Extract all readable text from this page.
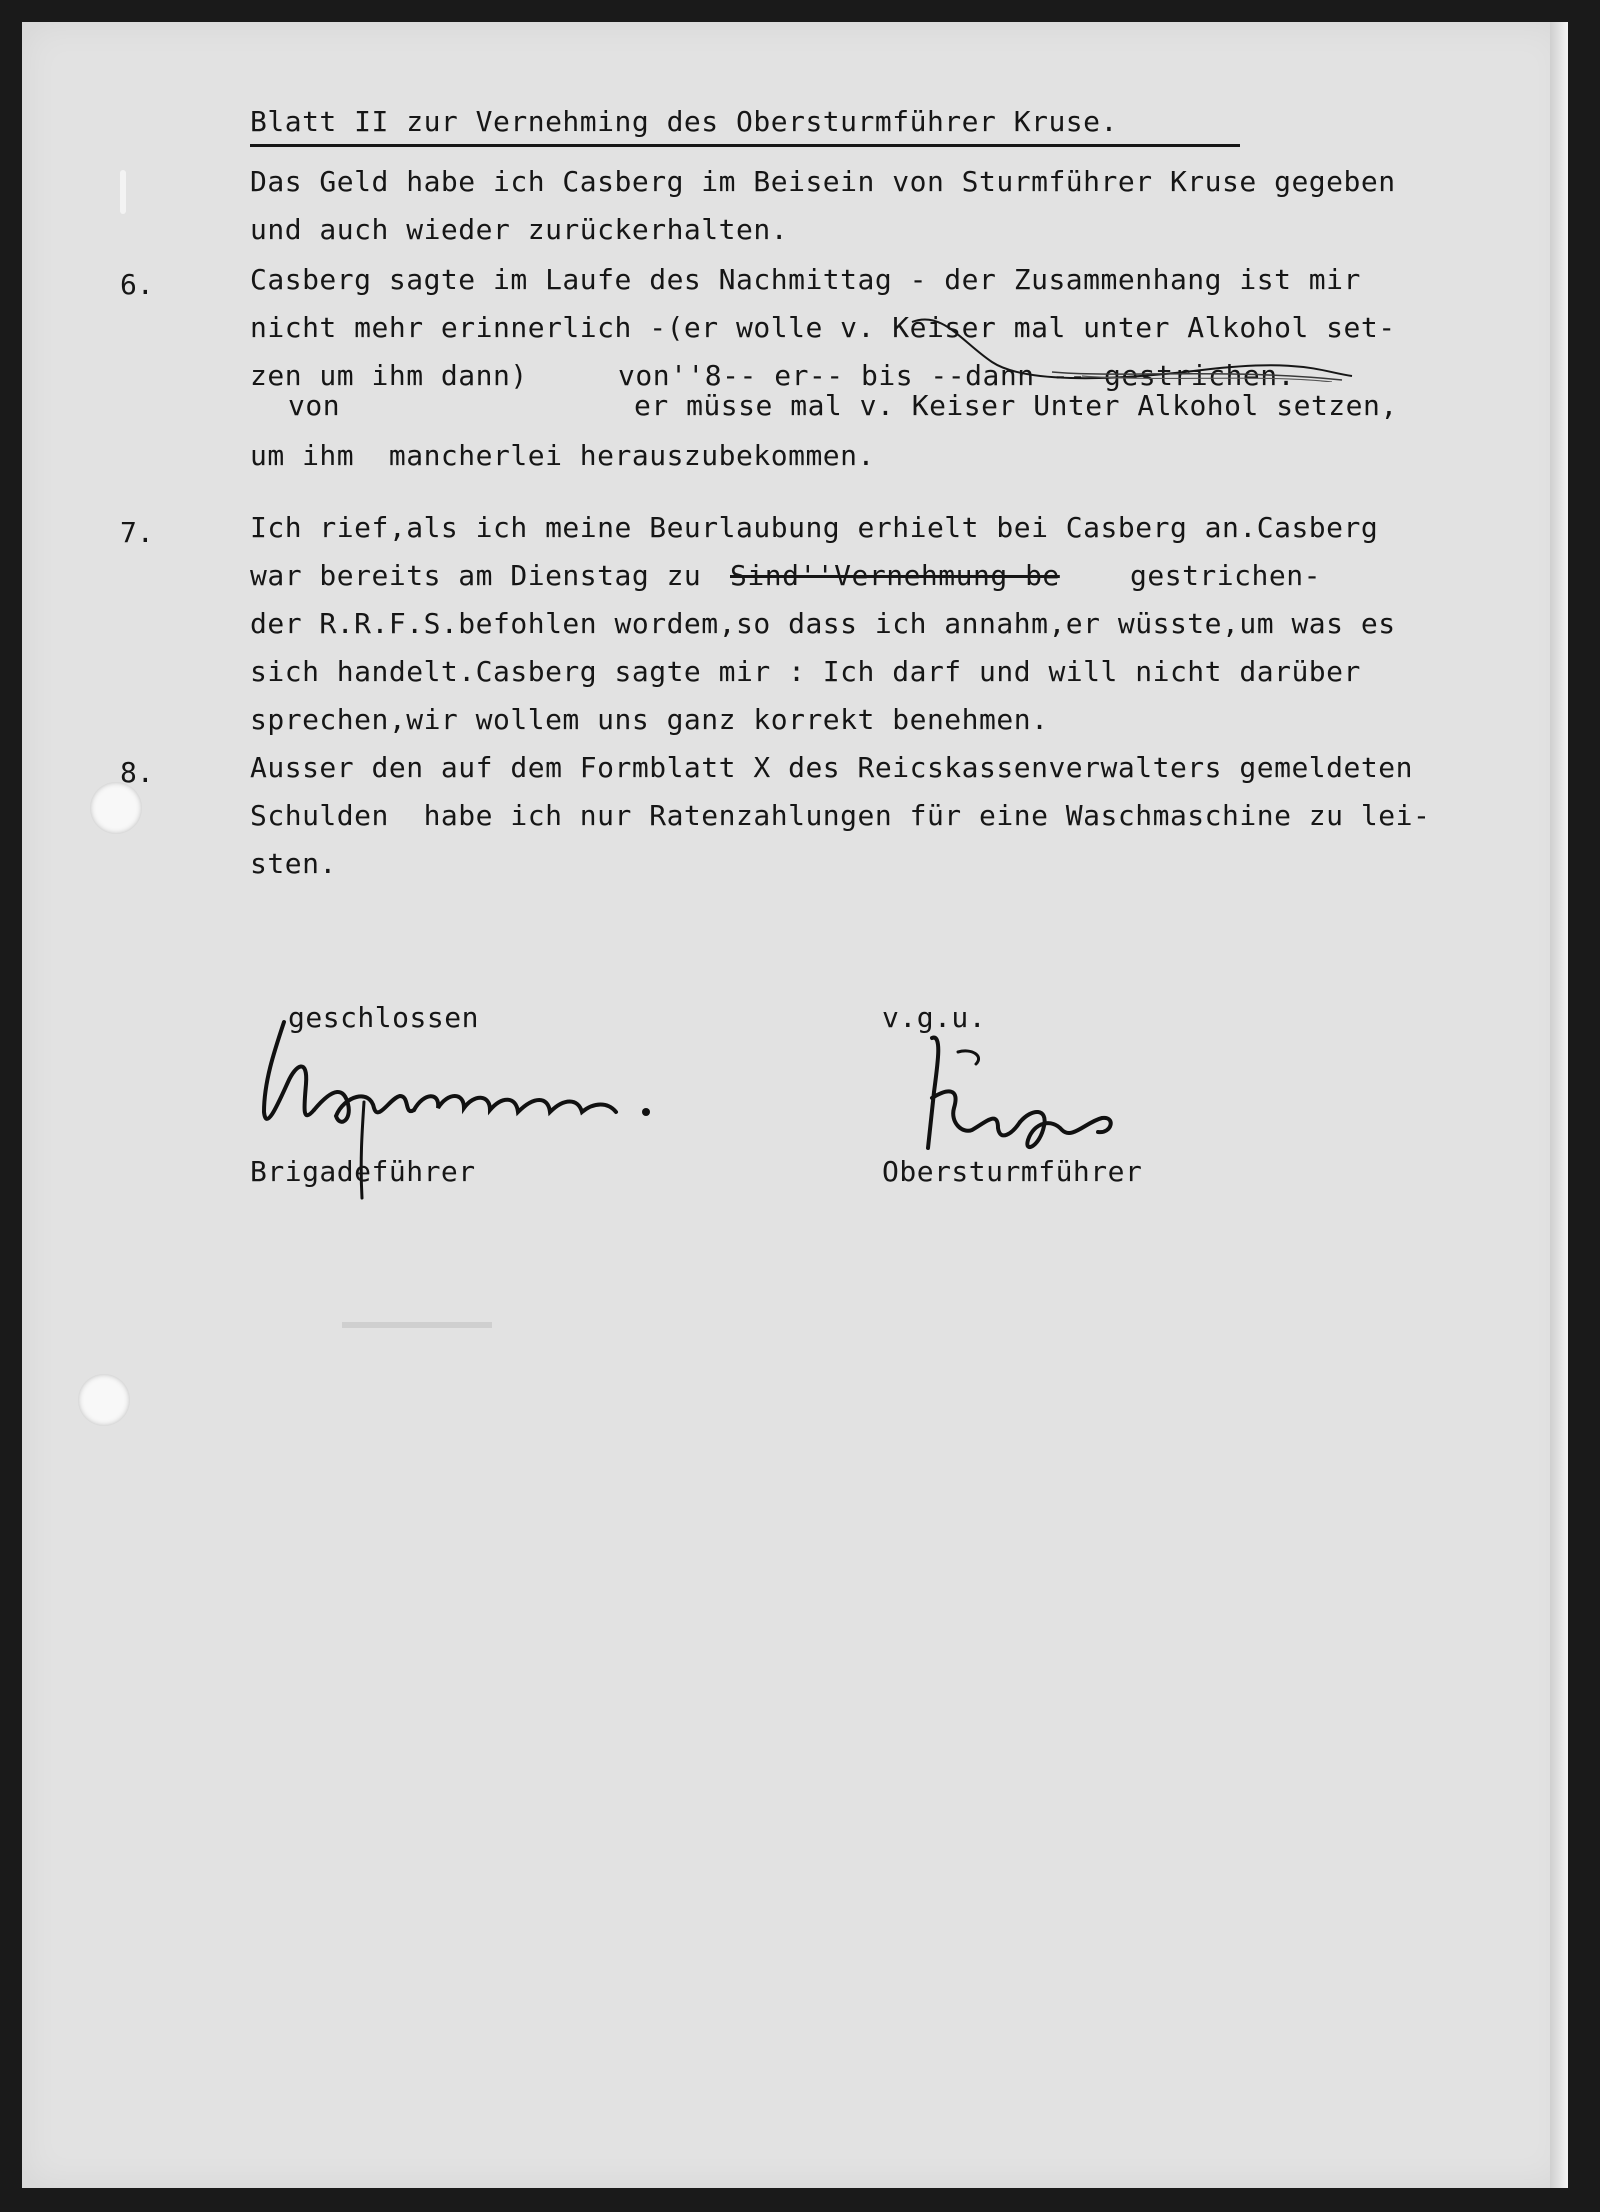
Blatt II zur Vernehming des Obersturmführer Kruse.
Das Geld habe ich Casberg im Beisein von Sturmführer Kruse gegeben
und auch wieder zurückerhalten.
6.	Casberg sagte im Laufe des Nachmittag - der Zusammenhang ist mir
nicht mehr erinnerlich -(er wolle v. Keiser mal unter Alkohol set-
zen um ihm dann)	von''8-- er-- bis --dann -- gestrichen.
von	er müsse mal v. Keiser Unter Alkohol setzen,
um ihm  mancherlei herauszubekommen.
7.	Ich rief,als ich meine Beurlaubung erhielt bei Casberg an.Casberg
war bereits am Dienstag zu Sind''Vernehmung be	gestrichen-
der R.R.F.S.befohlen wordem,so dass ich annahm,er wüsste,um was es
sich handelt.Casberg sagte mir : Ich darf und will nicht darüber
sprechen,wir wollem uns ganz korrekt benehmen.
8.	Ausser den auf dem Formblatt X des Reicskassenverwalters gemeldeten
Schulden  habe ich nur Ratenzahlungen für eine Waschmaschine zu lei-
sten.
geschlossen	v.g.u.
Brigadeführer	Obersturmführer
